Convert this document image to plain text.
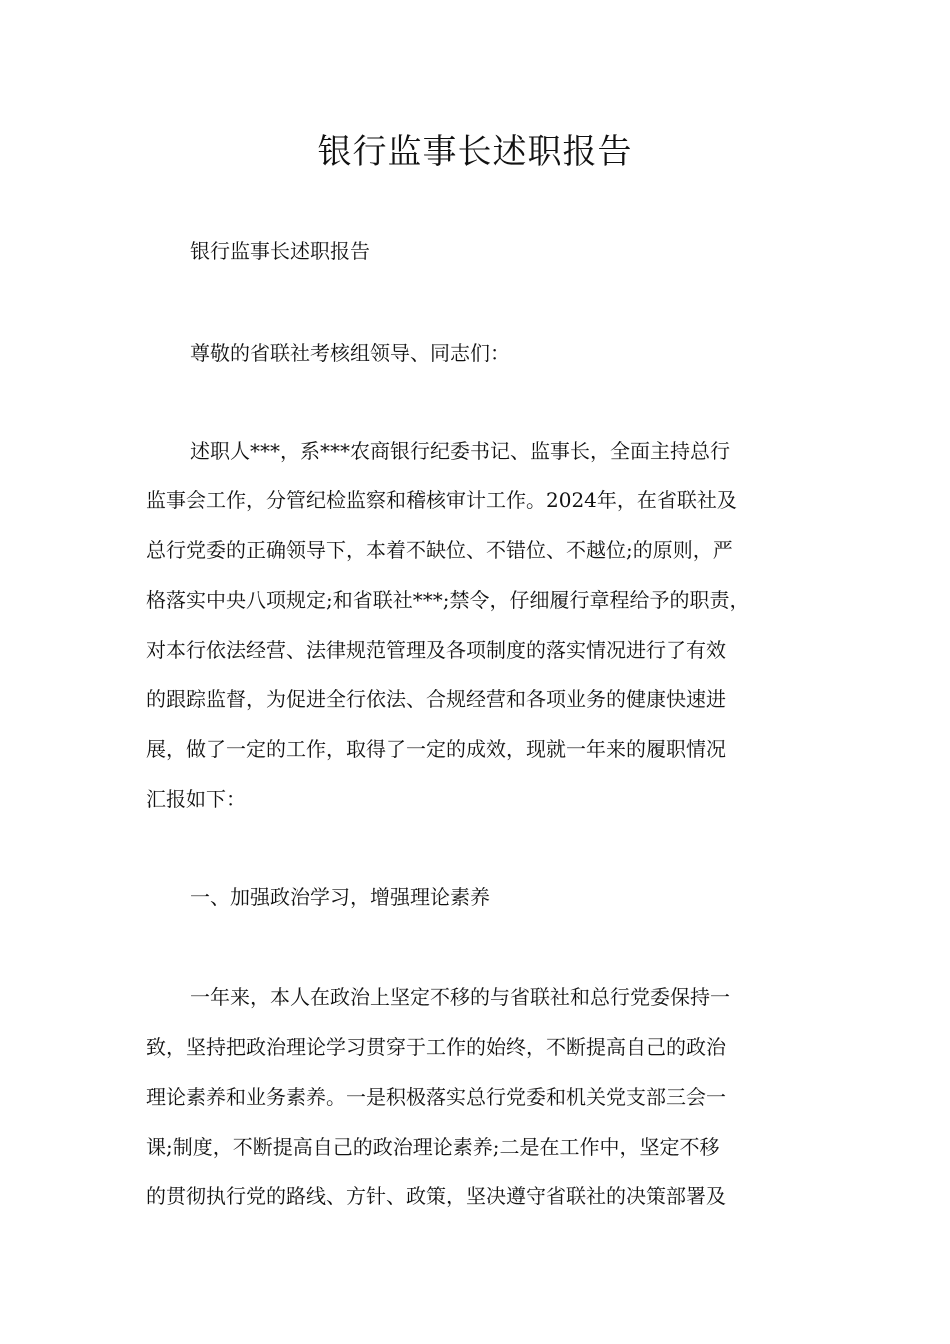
银行监事长述职报告
银行监事长述职报告
尊敬的省联社考核组领导、同志们：
述职人***，系***农商银行纪委书记、监事长，全面主持总行
监事会工作，分管纪检监察和稽核审计工作。2024年，在省联社及
总行党委的正确领导下，本着不缺位、不错位、不越位;的原则，严
格落实中央八项规定;和省联社***;禁令，仔细履行章程给予的职责，
对本行依法经营、法律规范管理及各项制度的落实情况进行了有效
的跟踪监督，为促进全行依法、合规经营和各项业务的健康快速进
展，做了一定的工作，取得了一定的成效，现就一年来的履职情况
汇报如下：
一、加强政治学习，增强理论素养
一年来，本人在政治上坚定不移的与省联社和总行党委保持一
致，坚持把政治理论学习贯穿于工作的始终，不断提高自己的政治
理论素养和业务素养。一是积极落实总行党委和机关党支部三会一
课;制度，不断提高自己的政治理论素养;二是在工作中，坚定不移
的贯彻执行党的路线、方针、政策，坚决遵守省联社的决策部署及
